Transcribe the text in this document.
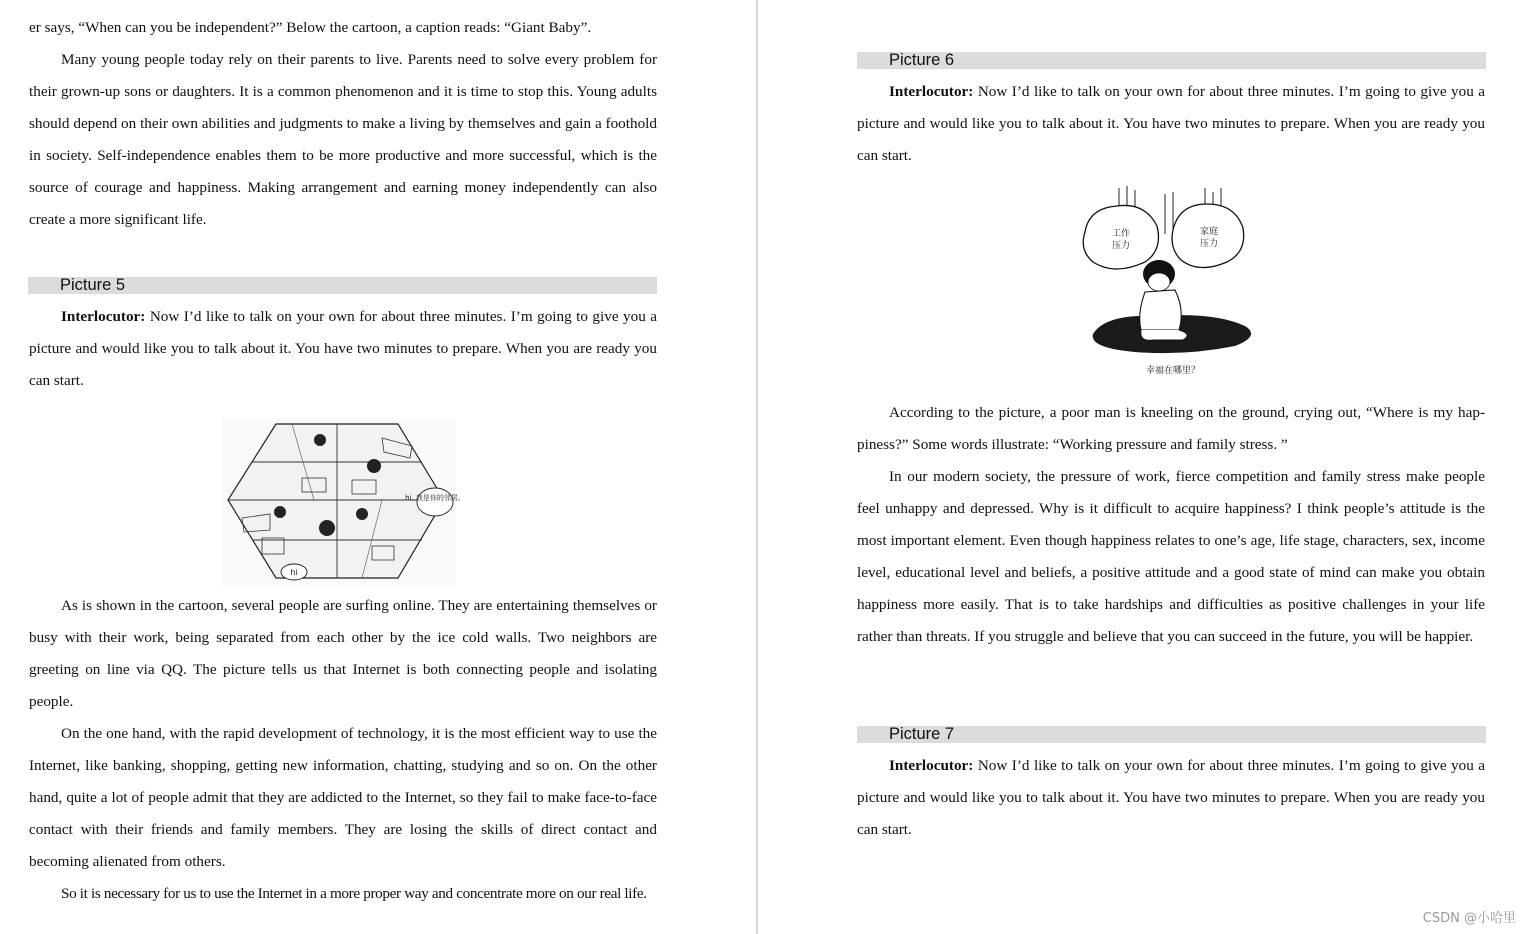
er says, “When can you be independent?” Below the cartoon, a caption reads: “Giant Baby”.

Many young people today rely on their parents to live. Parents need to solve every problem for their grown-up sons or daughters. It is a common phenomenon and it is time to stop this. Young adults should depend on their own abilities and judgments to make a living by themselves and gain a foothold in society. Self-independence enables them to be more productive and more successful, which is the source of courage and happiness. Making arrangement and earning money independently can also create a more significant life.

Picture 5

Interlocutor: Now I’d like to talk on your own for about three minutes. I’m going to give you a picture and would like you to talk about it. You have two minutes to prepare. When you are ready you can start.

hi, 我是你的邻居。
hi

As is shown in the cartoon, several people are surfing online. They are entertaining themselves or busy with their work, being separated from each other by the ice cold walls. Two neighbors are greeting on line via QQ. The picture tells us that Internet is both connecting people and isolating people.

On the one hand, with the rapid development of technology, it is the most efficient way to use the Internet, like banking, shopping, getting new information, chatting, studying and so on. On the other hand, quite a lot of people admit that they are addicted to the Internet, so they fail to make face-to-face contact with their friends and family members. They are losing the skills of direct contact and becoming alienated from others.

So it is necessary for us to use the Internet in a more proper way and concentrate more on our real life.

Picture 6

Interlocutor: Now I’d like to talk on your own for about three minutes. I’m going to give you a picture and would like you to talk about it. You have two minutes to prepare. When you are ready you can start.

工作
压力
家庭
压力
幸福在哪里？

According to the picture, a poor man is kneeling on the ground, crying out, “Where is my happiness?” Some words illustrate: “Working pressure and family stress. ”

In our modern society, the pressure of work, fierce competition and family stress make people feel unhappy and depressed. Why is it difficult to acquire happiness? I think people’s attitude is the most important element. Even though happiness relates to one’s age, life stage, characters, sex, income level, educational level and beliefs, a positive attitude and a good state of mind can make you obtain happiness more easily. That is to take hardships and difficulties as positive challenges in your life rather than threats. If you struggle and believe that you can succeed in the future, you will be happier.

Picture 7

Interlocutor: Now I’d like to talk on your own for about three minutes. I’m going to give you a picture and would like you to talk about it. You have two minutes to prepare. When you are ready you can start.

CSDN @小哈里
